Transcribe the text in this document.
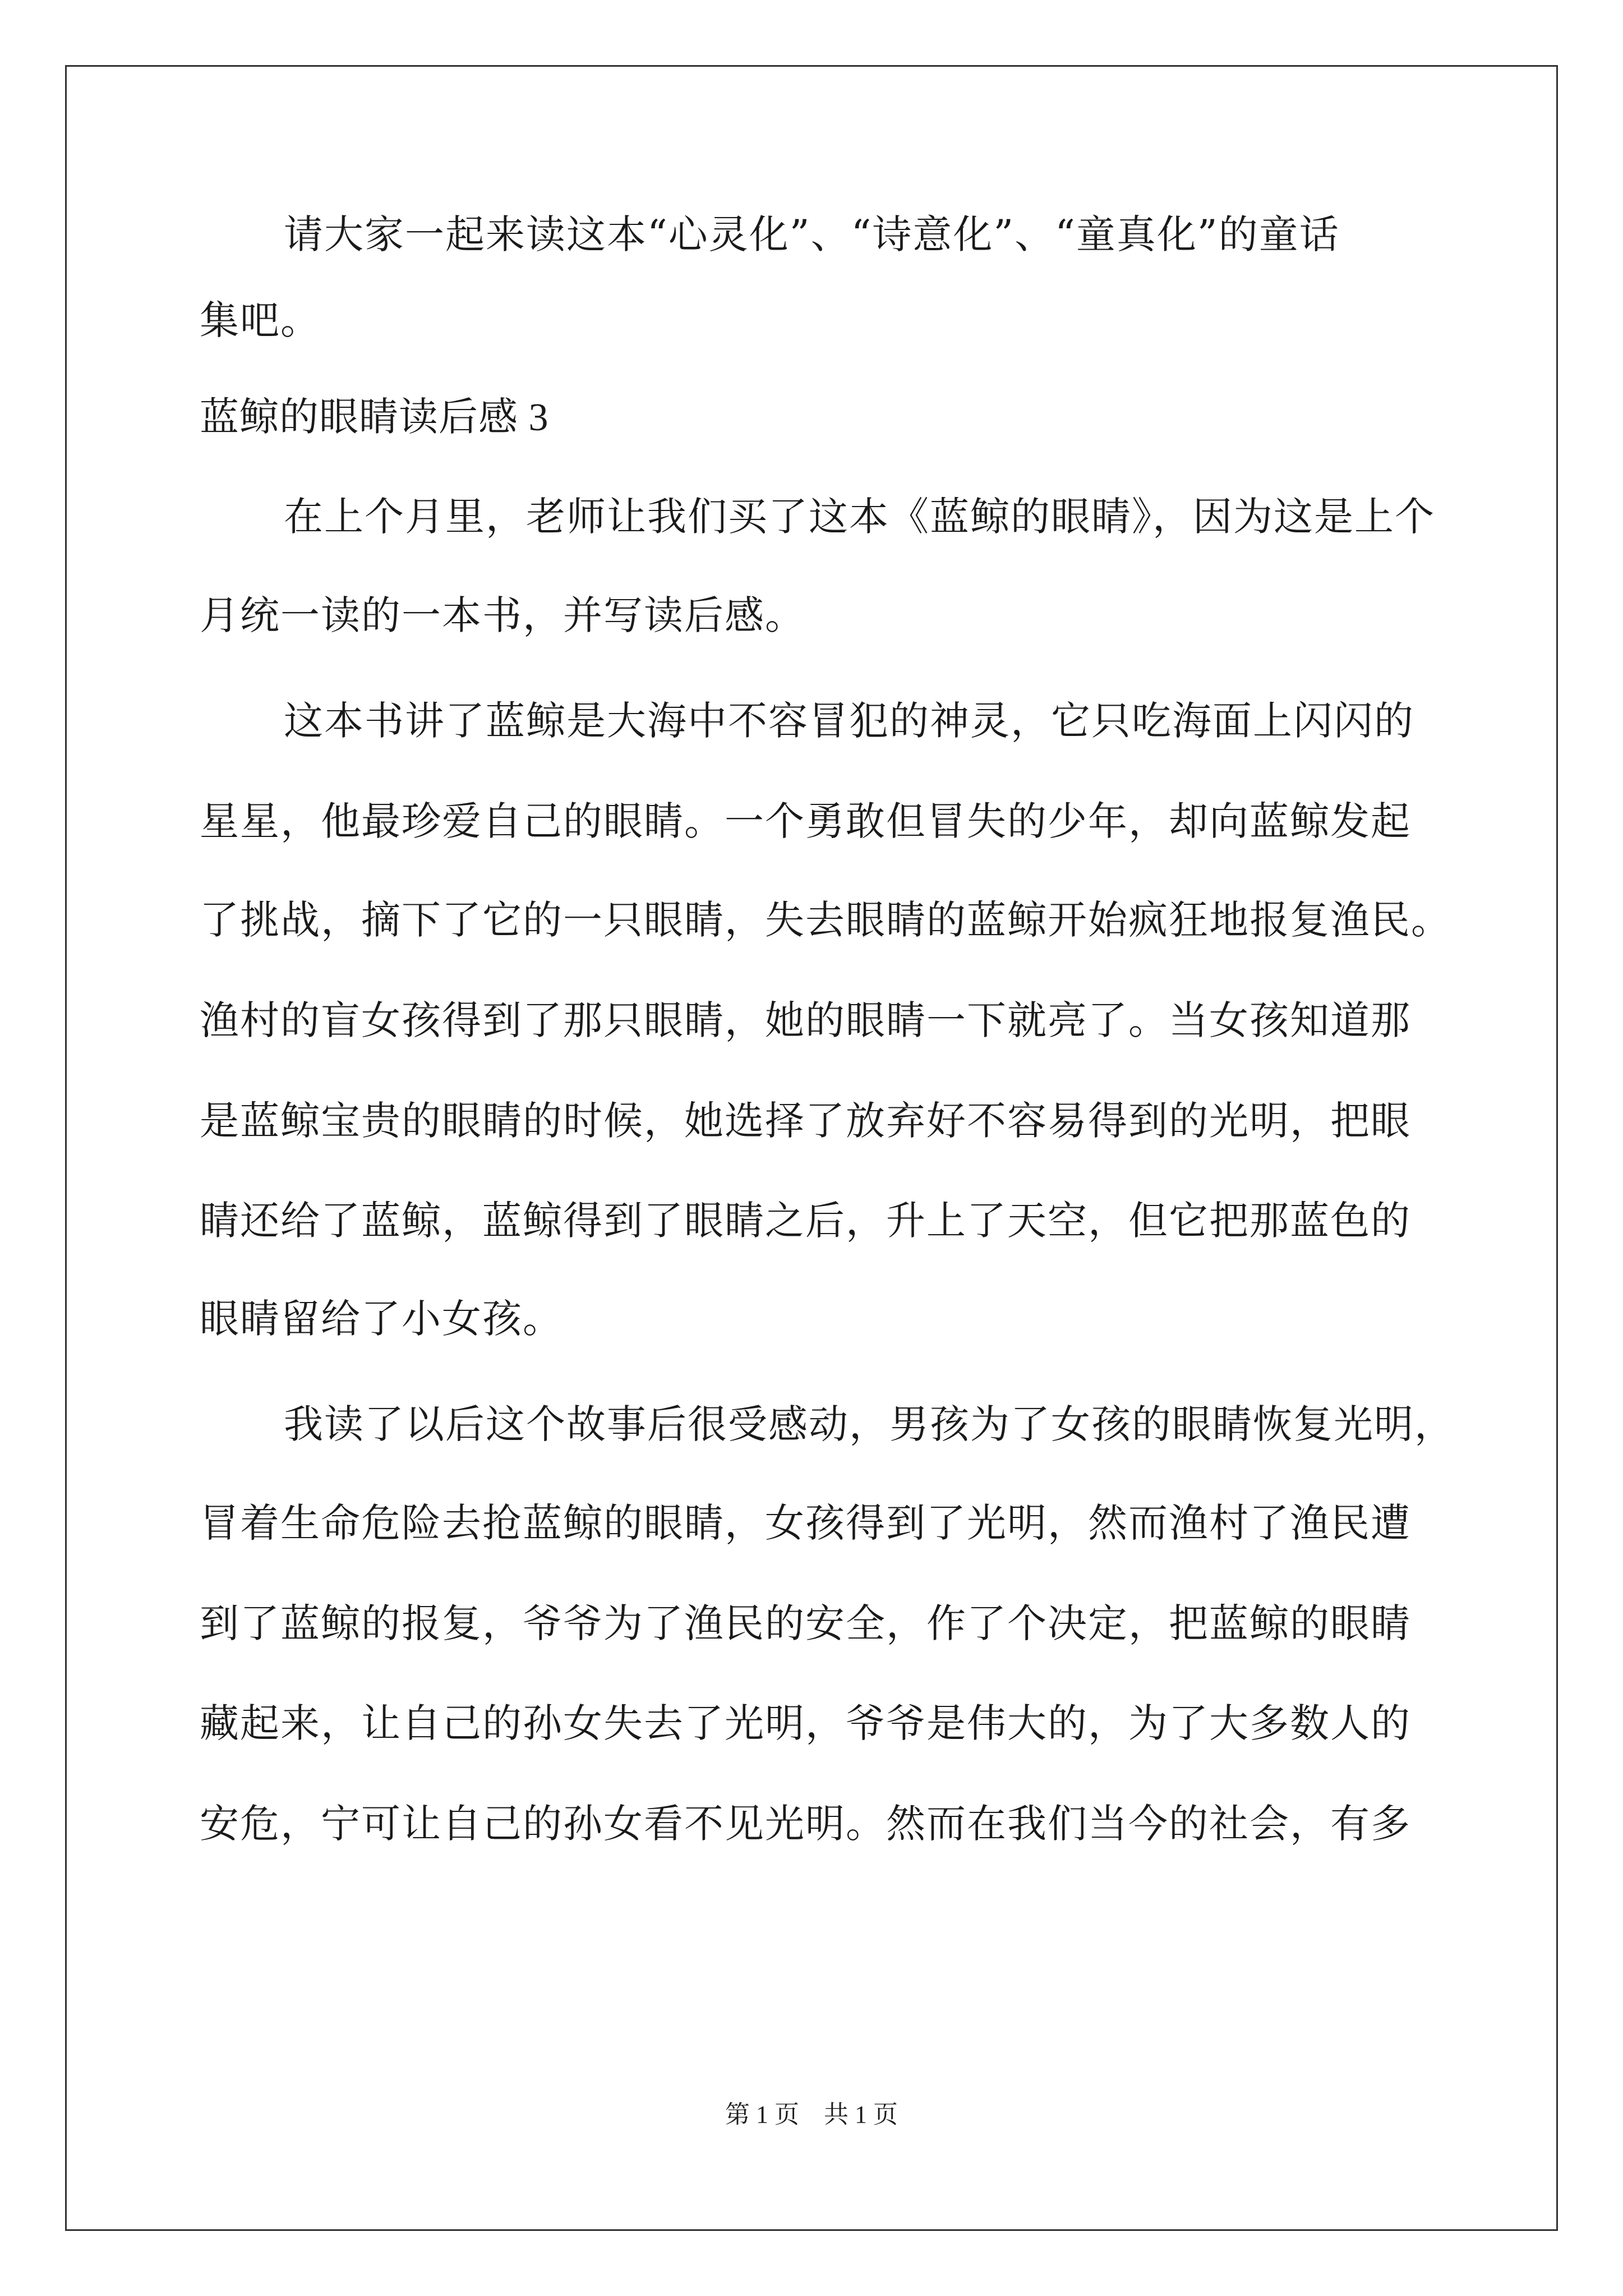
请大家一起来读这本“心灵化”、“诗意化”、“童真化”的童话
集吧。
蓝鲸的眼睛读后感 3
在上个月里，老师让我们买了这本《蓝鲸的眼睛》，因为这是上个
月统一读的一本书，并写读后感。
这本书讲了蓝鲸是大海中不容冒犯的神灵，它只吃海面上闪闪的
星星，他最珍爱自己的眼睛。一个勇敢但冒失的少年，却向蓝鲸发起
了挑战，摘下了它的一只眼睛，失去眼睛的蓝鲸开始疯狂地报复渔民。
渔村的盲女孩得到了那只眼睛，她的眼睛一下就亮了。当女孩知道那
是蓝鲸宝贵的眼睛的时候，她选择了放弃好不容易得到的光明，把眼
睛还给了蓝鲸，蓝鲸得到了眼睛之后，升上了天空，但它把那蓝色的
眼睛留给了小女孩。
我读了以后这个故事后很受感动，男孩为了女孩的眼睛恢复光明，
冒着生命危险去抢蓝鲸的眼睛，女孩得到了光明，然而渔村了渔民遭
到了蓝鲸的报复，爷爷为了渔民的安全，作了个决定，把蓝鲸的眼睛
藏起来，让自己的孙女失去了光明，爷爷是伟大的，为了大多数人的
安危，宁可让自己的孙女看不见光明。然而在我们当今的社会，有多
第 1 页　共 1 页
